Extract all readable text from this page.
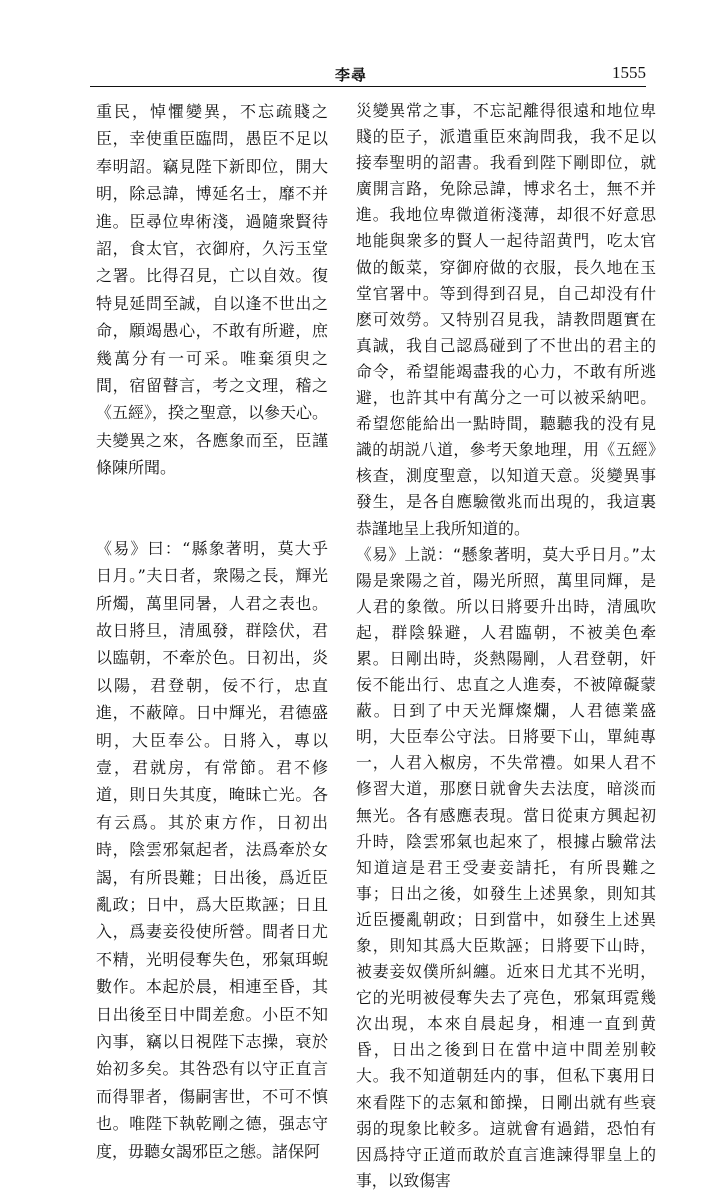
李尋	1555

重民，悼懼變異，不忘疏賤之臣，幸使重臣臨問，愚臣不足以奉明詔。竊見陛下新即位，開大明，除忌諱，博延名士，靡不并進。臣尋位卑術淺，過隨衆賢待詔，食太官，衣御府，久污玉堂之署。比得召見，亡以自效。復特見延問至誠，自以逢不世出之命，願竭愚心，不敢有所避，庶幾萬分有一可采。唯棄須臾之間，宿留瞽言，考之文理，稽之《五經》，揆之聖意，以參天心。夫變異之來，各應象而至，臣謹條陳所聞。

《易》曰：“縣象著明，莫大乎日月。”夫日者，衆陽之長，輝光所燭，萬里同暑，人君之表也。故日將旦，清風發，群陰伏，君以臨朝，不牽於色。日初出，炎以陽，君登朝，佞不行，忠直進，不蔽障。日中輝光，君德盛明，大臣奉公。日將入，專以壹，君就房，有常節。君不修道，則日失其度，晻昧亡光。各有云爲。其於東方作，日初出時，陰雲邪氣起者，法爲牽於女謁，有所畏難；日出後，爲近臣亂政；日中，爲大臣欺誣；日且入，爲妻妾役使所營。間者日尤不精，光明侵奪失色，邪氣珥蜺數作。本起於晨，相連至昏，其日出後至日中間差愈。小臣不知內事，竊以日視陛下志操，衰於始初多矣。其咎恐有以守正直言而得罪者，傷嗣害世，不可不慎也。唯陛下執乾剛之德，强志守度，毋聽女謁邪臣之態。諸保阿

災變異常之事，不忘記離得很遠和地位卑賤的臣子，派遣重臣來詢問我，我不足以接奉聖明的詔書。我看到陛下剛即位，就廣開言路，免除忌諱，博求名士，無不并進。我地位卑微道術淺薄，却很不好意思地能與衆多的賢人一起待詔黄門，吃太官做的飯菜，穿御府做的衣服，長久地在玉堂官署中。等到得到召見，自己却没有什麽可效勞。又特别召見我，請教問題實在真誠，我自己認爲碰到了不世出的君主的命令，希望能竭盡我的心力，不敢有所逃避，也許其中有萬分之一可以被采納吧。希望您能給出一點時間，聽聽我的没有見識的胡説八道，參考天象地理，用《五經》核查，測度聖意，以知道天意。災變異事發生，是各自應驗徵兆而出現的，我這裏恭謹地呈上我所知道的。

《易》上説：“懸象著明，莫大乎日月。”太陽是衆陽之首，陽光所照，萬里同輝，是人君的象徵。所以日將要升出時，清風吹起，群陰躲避，人君臨朝，不被美色牽累。日剛出時，炎熱陽剛，人君登朝，奸佞不能出行、忠直之人進奏，不被障礙蒙蔽。日到了中天光輝燦爛，人君德業盛明，大臣奉公守法。日將要下山，單純專一，人君入椒房，不失常禮。如果人君不修習大道，那麽日就會失去法度，暗淡而無光。各有感應表現。當日從東方興起初升時，陰雲邪氣也起來了，根據占驗常法知道這是君王受妻妾請托，有所畏難之事；日出之後，如發生上述異象，則知其近臣擾亂朝政；日到當中，如發生上述異象，則知其爲大臣欺誣；日將要下山時，被妻妾奴僕所糾纏。近來日尤其不光明，它的光明被侵奪失去了亮色，邪氣珥霓幾次出現，本來自晨起身，相連一直到黄昏，日出之後到日在當中這中間差别較大。我不知道朝廷内的事，但私下裏用日來看陛下的志氣和節操，日剛出就有些衰弱的現象比較多。這就會有過錯，恐怕有因爲持守正道而敢於直言進諫得罪皇上的事，以致傷害
